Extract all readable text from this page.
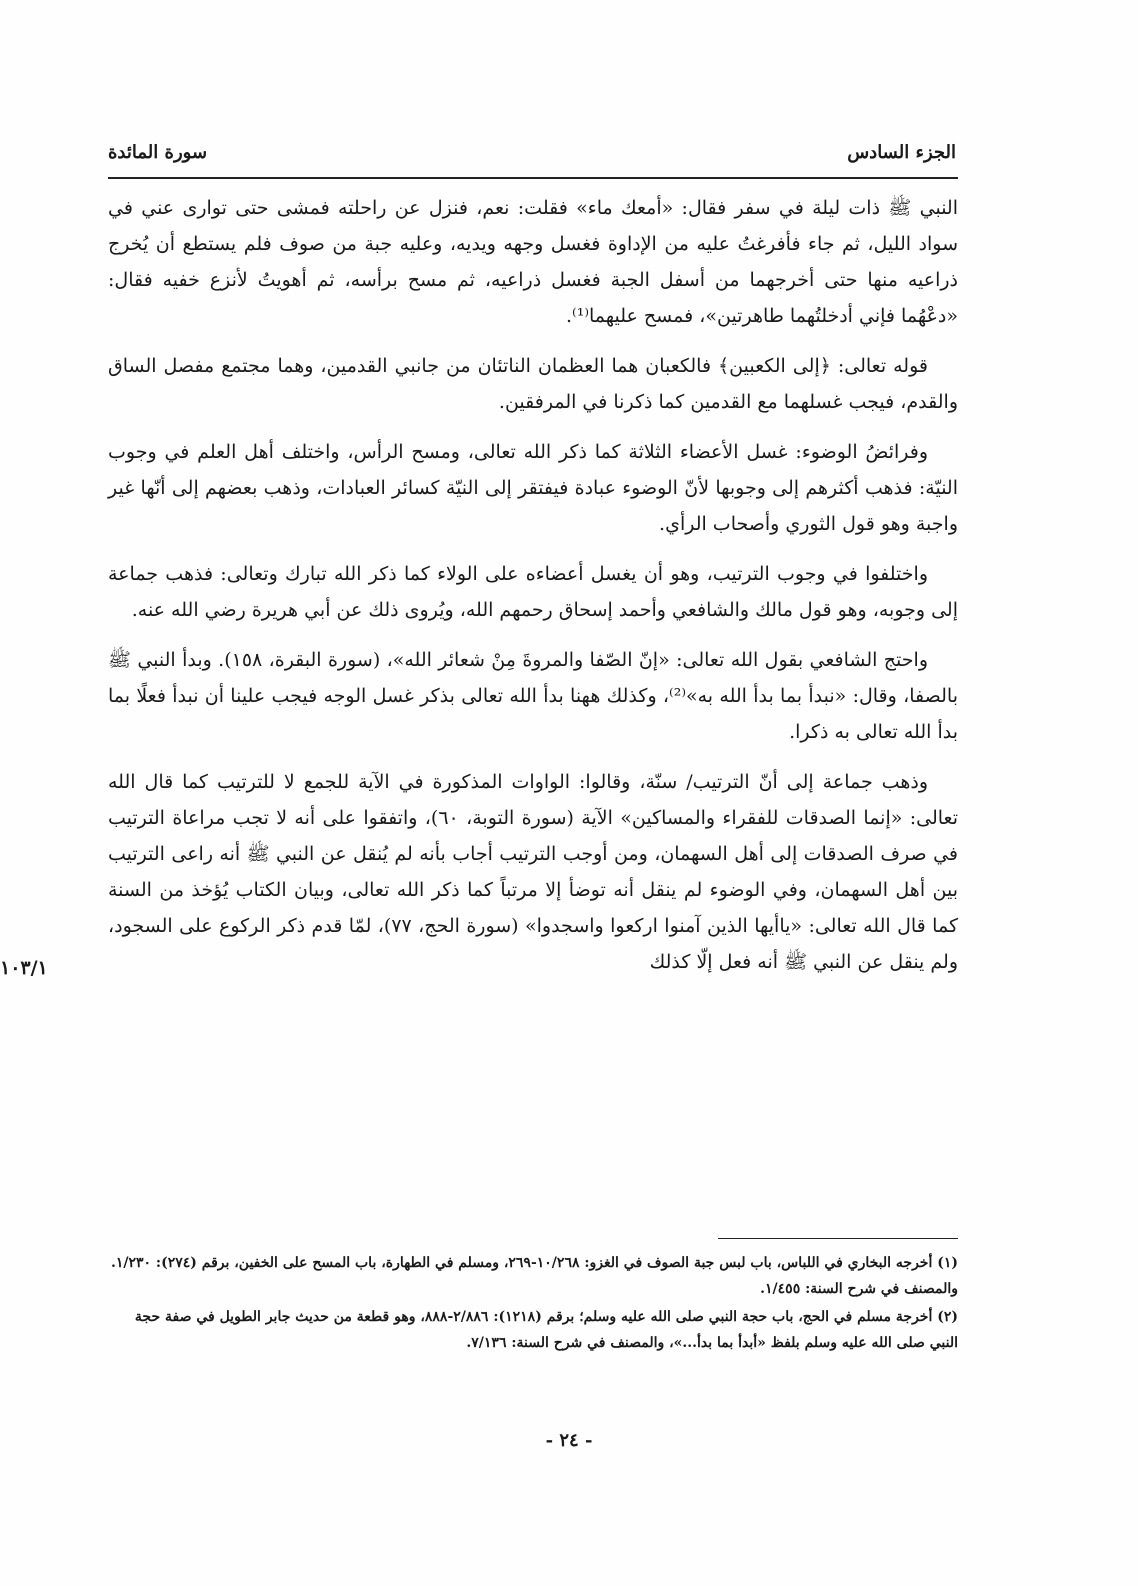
الجزء السادس
سورة المائدة

النبي ﷺ ذات ليلة في سفر فقال: «أمعك ماء» فقلت: نعم، فنزل عن راحلته فمشى حتى توارى عني في سواد الليل، ثم جاء فأفرغتُ عليه من الإداوة فغسل وجهه ويديه، وعليه جبة من صوف فلم يستطع أن يُخرج ذراعيه منها حتى أخرجهما من أسفل الجبة فغسل ذراعيه، ثم مسح برأسه، ثم أهويتُ لأنزع خفيه فقال: «دعْهُما فإني أدخلتُهما طاهرتين»، فمسح عليهما⁽¹⁾.

قوله تعالى: ﴿إلى الكعبين﴾ فالكعبان هما العظمان الناتئان من جانبي القدمين، وهما مجتمع مفصل الساق والقدم، فيجب غسلهما مع القدمين كما ذكرنا في المرفقين.

وفرائضُ الوضوء: غسل الأعضاء الثلاثة كما ذكر الله تعالى، ومسح الرأس، واختلف أهل العلم في وجوب النيّة: فذهب أكثرهم إلى وجوبها لأنّ الوضوء عبادة فيفتقر إلى النيّة كسائر العبادات، وذهب بعضهم إلى أنّها غير واجبة وهو قول الثوري وأصحاب الرأي.

واختلفوا في وجوب الترتيب، وهو أن يغسل أعضاءه على الولاء كما ذكر الله تبارك وتعالى: فذهب جماعة إلى وجوبه، وهو قول مالك والشافعي وأحمد إسحاق رحمهم الله، ويُروى ذلك عن أبي هريرة رضي الله عنه.

واحتج الشافعي بقول الله تعالى: «إنّ الصّفا والمروةَ مِنْ شعائر الله»، (سورة البقرة، ١٥٨). وبدأ النبي ﷺ بالصفا، وقال: «نبدأ بما بدأ الله به»⁽²⁾، وكذلك ههنا بدأ الله تعالى بذكر غسل الوجه فيجب علينا أن نبدأ فعلًا بما بدأ الله تعالى به ذكرا.

وذهب جماعة إلى أنّ الترتيب/ سنّة، وقالوا: الواوات المذكورة في الآية للجمع لا للترتيب كما قال الله تعالى: «إنما الصدقات للفقراء والمساكين» الآية (سورة التوبة، ٦٠)، واتفقوا على أنه لا تجب مراعاة الترتيب في صرف الصدقات إلى أهل السهمان، ومن أوجب الترتيب أجاب بأنه لم يُنقل عن النبي ﷺ أنه راعى الترتيب بين أهل السهمان، وفي الوضوء لم ينقل أنه توضأ إلا مرتباً كما ذكر الله تعالى، وبيان الكتاب يُؤخذ من السنة كما قال الله تعالى: «ياأيها الذين آمنوا اركعوا واسجدوا» (سورة الحج، ٧٧)، لمّا قدم ذكر الركوع على السجود، ولم ينقل عن النبي ﷺ أنه فعل إلّا كذلك

١٠٣/١

(١) أخرجه البخاري في اللباس، باب لبس جبة الصوف في الغزو: ١٠/٢٦٨-٢٦٩، ومسلم في الطهارة، باب المسح على الخفين، برقم (٢٧٤): ١/٢٣٠. والمصنف في شرح السنة: ١/٤٥٥.

(٢) أخرجة مسلم في الحج، باب حجة النبي صلى الله عليه وسلم؛ برقم (١٢١٨): ٢/٨٨٦-٨٨٨، وهو قطعة من حديث جابر الطويل في صفة حجة النبي صلى الله عليه وسلم بلفظ «أبدأ بما بدأ...»، والمصنف في شرح السنة: ٧/١٣٦.

- ٢٤ -
